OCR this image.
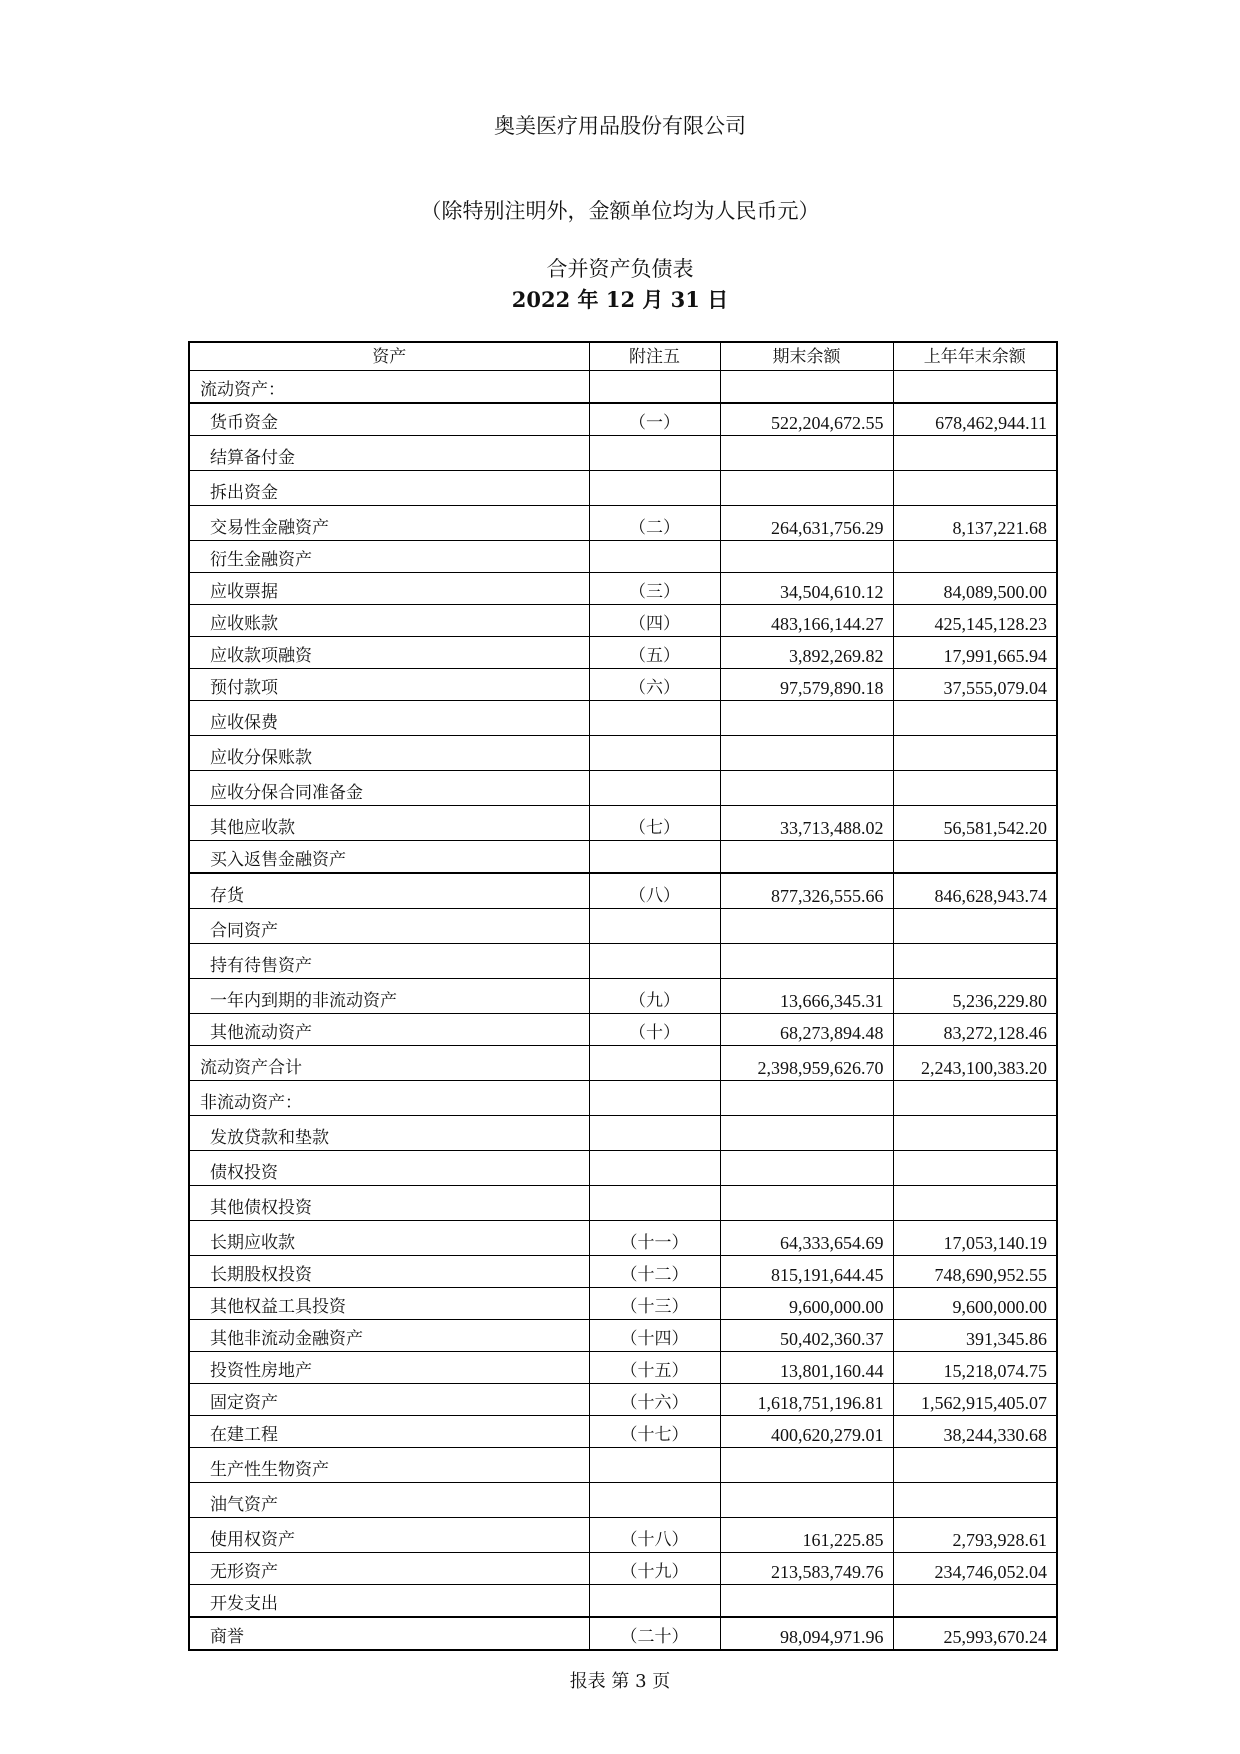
奥美医疗用品股份有限公司
（除特别注明外，金额单位均为人民币元）
合并资产负债表
2022 年 12 月 31 日
资产	附注五	期末余额	上年年末余额
流动资产：			
货币资金	（一）	522,204,672.55	678,462,944.11
结算备付金			
拆出资金			
交易性金融资产	（二）	264,631,756.29	8,137,221.68
衍生金融资产			
应收票据	（三）	34,504,610.12	84,089,500.00
应收账款	（四）	483,166,144.27	425,145,128.23
应收款项融资	（五）	3,892,269.82	17,991,665.94
预付款项	（六）	97,579,890.18	37,555,079.04
应收保费			
应收分保账款			
应收分保合同准备金			
其他应收款	（七）	33,713,488.02	56,581,542.20
买入返售金融资产			
存货	（八）	877,326,555.66	846,628,943.74
合同资产			
持有待售资产			
一年内到期的非流动资产	（九）	13,666,345.31	5,236,229.80
其他流动资产	（十）	68,273,894.48	83,272,128.46
流动资产合计		2,398,959,626.70	2,243,100,383.20
非流动资产：			
发放贷款和垫款			
债权投资			
其他债权投资			
长期应收款	（十一）	64,333,654.69	17,053,140.19
长期股权投资	（十二）	815,191,644.45	748,690,952.55
其他权益工具投资	（十三）	9,600,000.00	9,600,000.00
其他非流动金融资产	（十四）	50,402,360.37	391,345.86
投资性房地产	（十五）	13,801,160.44	15,218,074.75
固定资产	（十六）	1,618,751,196.81	1,562,915,405.07
在建工程	（十七）	400,620,279.01	38,244,330.68
生产性生物资产			
油气资产			
使用权资产	（十八）	161,225.85	2,793,928.61
无形资产	（十九）	213,583,749.76	234,746,052.04
开发支出			
商誉	（二十）	98,094,971.96	25,993,670.24
报表 第 3 页
